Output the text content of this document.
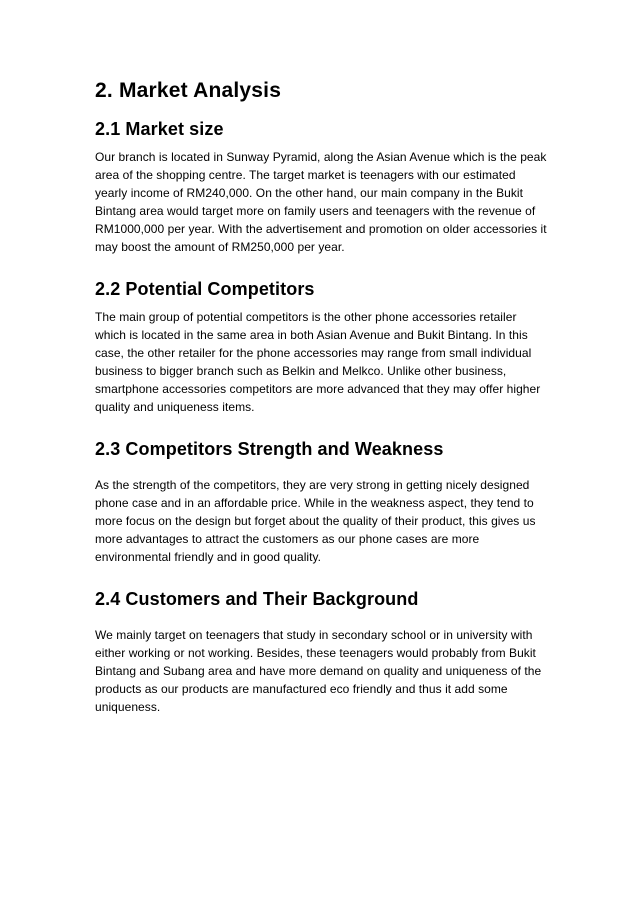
2. Market Analysis
2.1 Market size

Our branch is located in Sunway Pyramid, along the Asian Avenue which is the peak area of the shopping centre. The target market is teenagers with our estimated yearly income of RM240,000. On the other hand, our main company in the Bukit Bintang area would target more on family users and teenagers with the revenue of RM1000,000 per year. With the advertisement and promotion on older accessories it may boost the amount of RM250,000 per year.

2.2 Potential Competitors

The main group of potential competitors is the other phone accessories retailer which is located in the same area in both Asian Avenue and Bukit Bintang. In this case, the other retailer for the phone accessories may range from small individual business to bigger branch such as Belkin and Melkco. Unlike other business, smartphone accessories competitors are more advanced that they may offer higher quality and uniqueness items.

2.3 Competitors Strength and Weakness

As the strength of the competitors, they are very strong in getting nicely designed phone case and in an affordable price. While in the weakness aspect, they tend to more focus on the design but forget about the quality of their product, this gives us more advantages to attract the customers as our phone cases are more environmental friendly and in good quality.

2.4 Customers and Their Background

We mainly target on teenagers that study in secondary school or in university with either working or not working. Besides, these teenagers would probably from Bukit Bintang and Subang area and have more demand on quality and uniqueness of the products as our products are manufactured eco friendly and thus it add some uniqueness.
